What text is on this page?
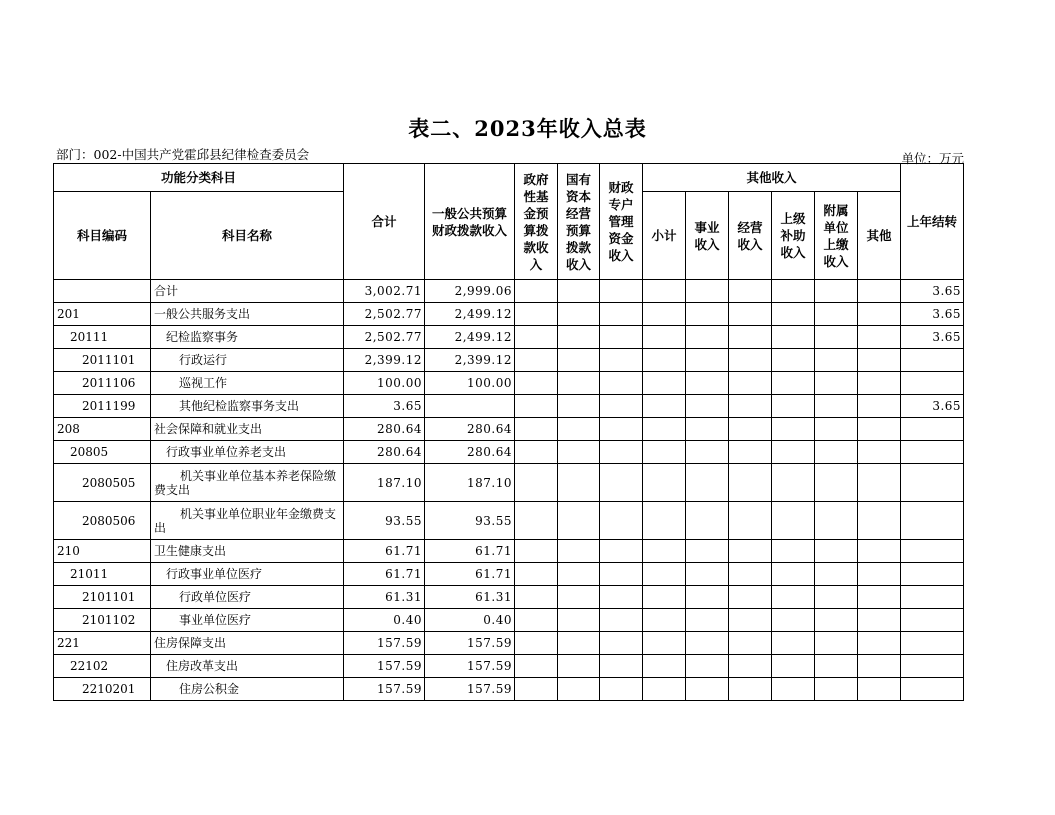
表二、2023年收入总表
部门：002-中国共产党霍邱县纪律检查委员会	单位：万元
功能分类科目		合计	一般公共预算财政拨款收入	政府性基金预算拨款收入	国有资本经营预算拨款收入	财政专户管理资金收入	其他收入						上年结转
科目编码	科目名称						小计	事业收入	经营收入	上级补助收入	附属单位上缴收入	其他	
	合计	3,002.71	2,999.06										3.65
201	一般公共服务支出	2,502.77	2,499.12										3.65
20111	纪检监察事务	2,502.77	2,499.12										3.65
2011101	行政运行	2,399.12	2,399.12										
2011106	巡视工作	100.00	100.00										
2011199	其他纪检监察事务支出	3.65											3.65
208	社会保障和就业支出	280.64	280.64										
20805	行政事业单位养老支出	280.64	280.64										
2080505	机关事业单位基本养老保险缴费支出	187.10	187.10										
2080506	机关事业单位职业年金缴费支出	93.55	93.55										
210	卫生健康支出	61.71	61.71										
21011	行政事业单位医疗	61.71	61.71										
2101101	行政单位医疗	61.31	61.31										
2101102	事业单位医疗	0.40	0.40										
221	住房保障支出	157.59	157.59										
22102	住房改革支出	157.59	157.59										
2210201	住房公积金	157.59	157.59										
